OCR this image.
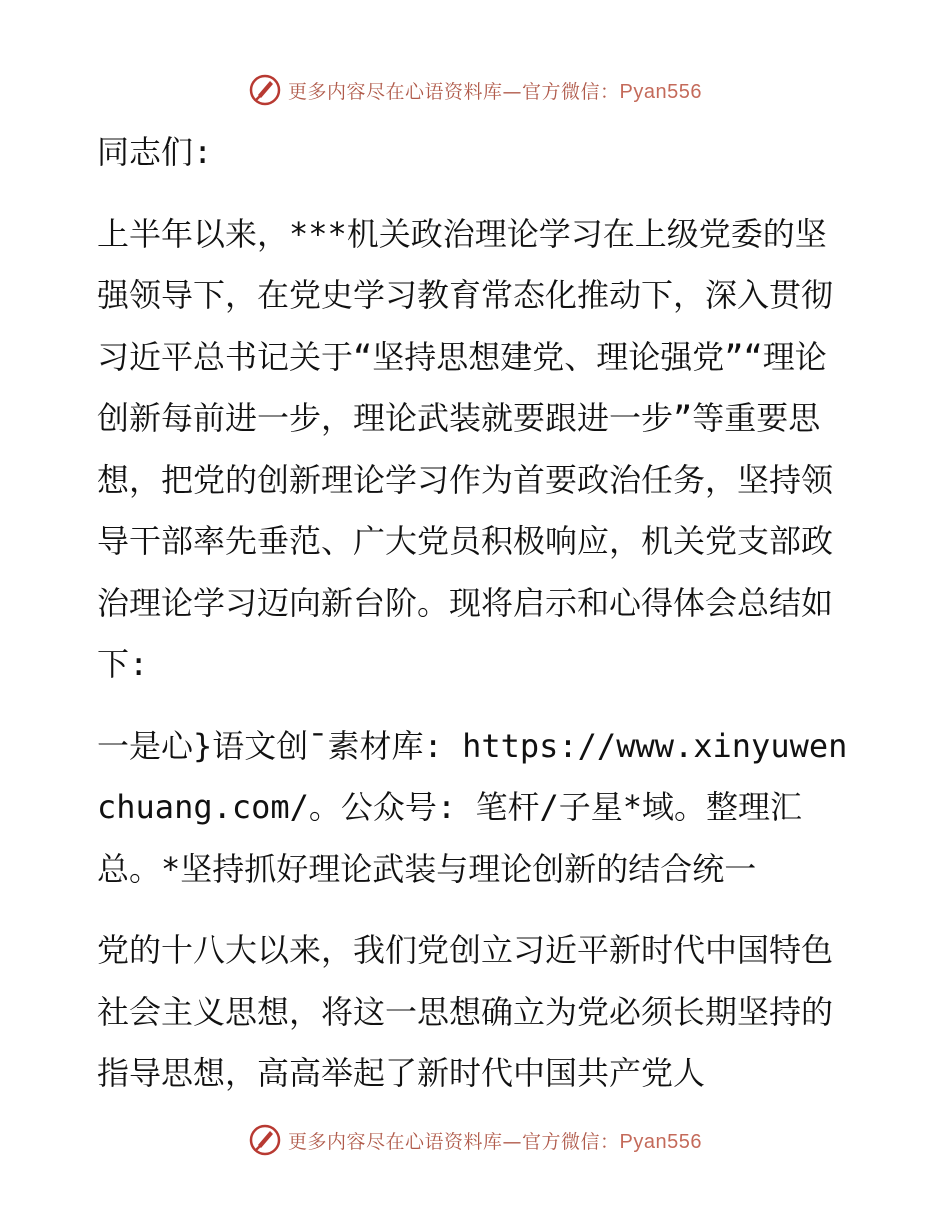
更多内容尽在心语资料库—官方微信：Pyan556

同志们:

上半年以来，***机关政治理论学习在上级党委的坚强领导下，在党史学习教育常态化推动下，深入贯彻习近平总书记关于“坚持思想建党、理论强党”“理论创新每前进一步，理论武装就要跟进一步”等重要思想，把党的创新理论学习作为首要政治任务，坚持领导干部率先垂范、广大党员积极响应，机关党支部政治理论学习迈向新台阶。现将启示和心得体会总结如下:

一是心}语文创¯素材库: https://www.xinyuwenchuang.com/。公众号: 笔杆/子星*域。整理汇总。*坚持抓好理论武装与理论创新的结合统一

党的十八大以来，我们党创立习近平新时代中国特色社会主义思想，将这一思想确立为党必须长期坚持的指导思想，高高举起了新时代中国共产党人

更多内容尽在心语资料库—官方微信：Pyan556
